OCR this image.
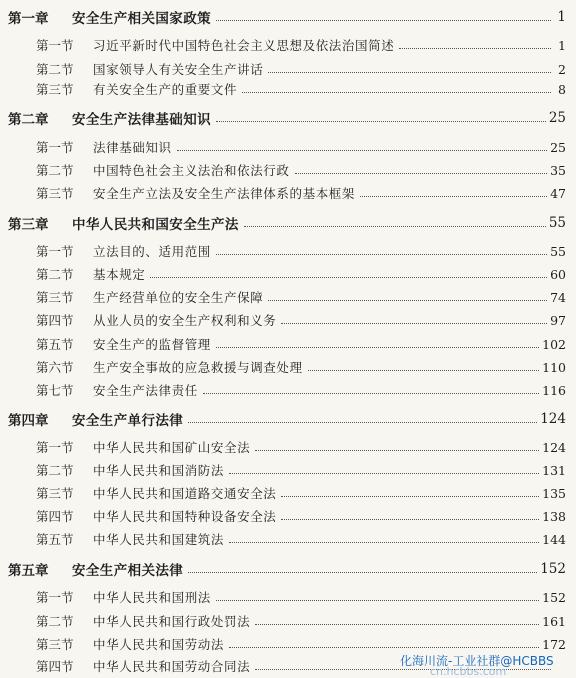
第一章	安全生产相关国家政策	1
第一节	习近平新时代中国特色社会主义思想及依法治国简述	1
第二节	国家领导人有关安全生产讲话	2
第三节	有关安全生产的重要文件	8
第二章	安全生产法律基础知识	25
第一节	法律基础知识	25
第二节	中国特色社会主义法治和依法行政	35
第三节	安全生产立法及安全生产法律体系的基本框架	47
第三章	中华人民共和国安全生产法	55
第一节	立法目的、适用范围	55
第二节	基本规定	60
第三节	生产经营单位的安全生产保障	74
第四节	从业人员的安全生产权利和义务	97
第五节	安全生产的监督管理	102
第六节	生产安全事故的应急救援与调查处理	110
第七节	安全生产法律责任	116
第四章	安全生产单行法律	124
第一节	中华人民共和国矿山安全法	124
第二节	中华人民共和国消防法	131
第三节	中华人民共和国道路交通安全法	135
第四节	中华人民共和国特种设备安全法	138
第五节	中华人民共和国建筑法	144
第五章	安全生产相关法律	152
第一节	中华人民共和国刑法	152
第二节	中华人民共和国行政处罚法	161
第三节	中华人民共和国劳动法	172
第四节	中华人民共和国劳动合同法	化海川流-工业社群@HCBBS
cn.hcbbs.com
